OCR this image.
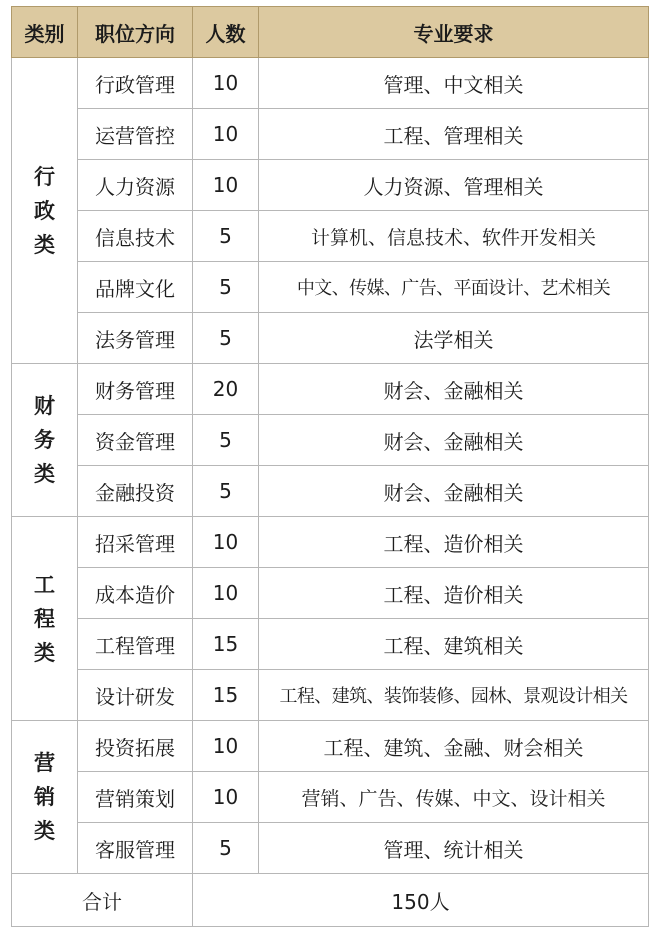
类别	职位方向	人数	专业要求
行政类	行政管理	10	管理、中文相关
	运营管控	10	工程、管理相关
	人力资源	10	人力资源、管理相关
	信息技术	5	计算机、信息技术、软件开发相关
	品牌文化	5	中文、传媒、广告、平面设计、艺术相关
	法务管理	5	法学相关
财务类	财务管理	20	财会、金融相关
	资金管理	5	财会、金融相关
	金融投资	5	财会、金融相关
工程类	招采管理	10	工程、造价相关
	成本造价	10	工程、造价相关
	工程管理	15	工程、建筑相关
	设计研发	15	工程、建筑、装饰装修、园林、景观设计相关
营销类	投资拓展	10	工程、建筑、金融、财会相关
	营销策划	10	营销、广告、传媒、中文、设计相关
	客服管理	5	管理、统计相关
合计		150人	
